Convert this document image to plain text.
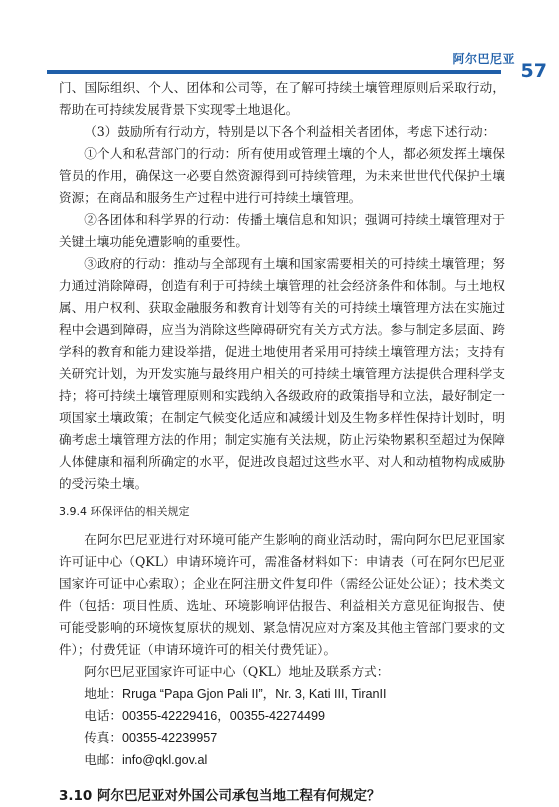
阿尔巴尼亚
57

门、国际组织、个人、团体和公司等，在了解可持续土壤管理原则后采取行动，帮助在可持续发展背景下实现零土地退化。

（3）鼓励所有行动方，特别是以下各个利益相关者团体，考虑下述行动：

①个人和私营部门的行动：所有使用或管理土壤的个人，都必须发挥土壤保管员的作用，确保这一必要自然资源得到可持续管理，为未来世世代代保护土壤资源；在商品和服务生产过程中进行可持续土壤管理。

②各团体和科学界的行动：传播土壤信息和知识；强调可持续土壤管理对于关键土壤功能免遭影响的重要性。

③政府的行动：推动与全部现有土壤和国家需要相关的可持续土壤管理；努力通过消除障碍，创造有利于可持续土壤管理的社会经济条件和体制。与土地权属、用户权利、获取金融服务和教育计划等有关的可持续土壤管理方法在实施过程中会遇到障碍，应当为消除这些障碍研究有关方式方法。参与制定多层面、跨学科的教育和能力建设举措，促进土地使用者采用可持续土壤管理方法；支持有关研究计划，为开发实施与最终用户相关的可持续土壤管理方法提供合理科学支持；将可持续土壤管理原则和实践纳入各级政府的政策指导和立法，最好制定一项国家土壤政策；在制定气候变化适应和减缓计划及生物多样性保持计划时，明确考虑土壤管理方法的作用；制定实施有关法规，防止污染物累积至超过为保障人体健康和福利所确定的水平，促进改良超过这些水平、对人和动植物构成威胁的受污染土壤。

3.9.4 环保评估的相关规定

在阿尔巴尼亚进行对环境可能产生影响的商业活动时，需向阿尔巴尼亚国家许可证中心（QKL）申请环境许可，需准备材料如下：申请表（可在阿尔巴尼亚国家许可证中心索取）；企业在阿注册文件复印件（需经公证处公证）；技术类文件（包括：项目性质、选址、环境影响评估报告、利益相关方意见征询报告、使可能受影响的环境恢复原状的规划、紧急情况应对方案及其他主管部门要求的文件）；付费凭证（申请环境许可的相关付费凭证）。

阿尔巴尼亚国家许可证中心（QKL）地址及联系方式：

地址：Rruga “Papa Gjon Pali II”，Nr. 3, Kati III, TiranII

电话：00355-42229416，00355-42274499

传真：00355-42239957

电邮：info@qkl.gov.al

3.10 阿尔巴尼亚对外国公司承包当地工程有何规定？
